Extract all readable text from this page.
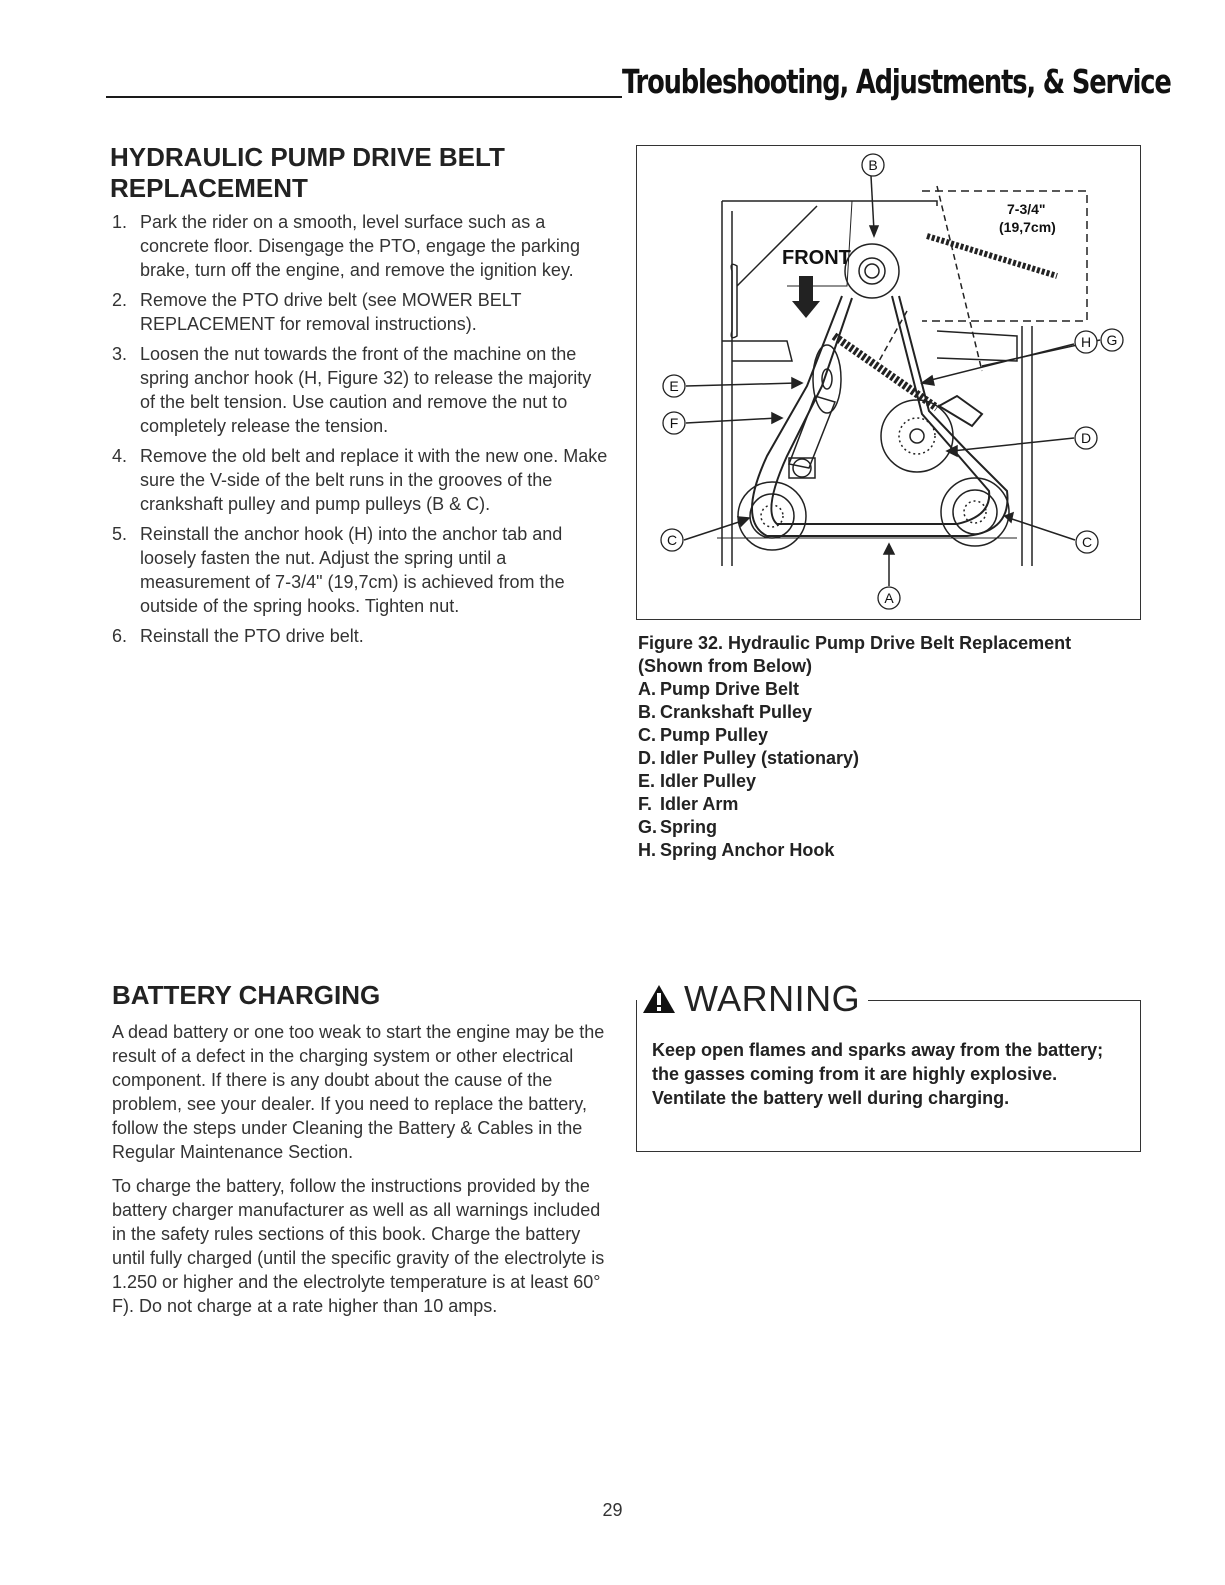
Troubleshooting, Adjustments, & Service
HYDRAULIC PUMP DRIVE BELT REPLACEMENT
1. Park the rider on a smooth, level surface such as a concrete floor. Disengage the PTO, engage the parking brake, turn off the engine, and remove the ignition key.
2. Remove the PTO drive belt (see MOWER BELT REPLACEMENT for removal instructions).
3. Loosen the nut towards the front of the machine on the spring anchor hook (H, Figure 32) to release the majority of the belt tension. Use caution and remove the nut to completely release the tension.
4. Remove the old belt and replace it with the new one. Make sure the V-side of the belt runs in the grooves of the crankshaft pulley and pump pulleys (B & C).
5. Reinstall the anchor hook (H) into the anchor tab and loosely fasten the nut. Adjust the spring until a measurement of 7-3/4" (19,7cm) is achieved from the outside of the spring hooks. Tighten nut.
6. Reinstall the PTO drive belt.
FRONT
7-3/4"
(19,7cm)
B
E
F
C	C
D
H G
A
Figure 32. Hydraulic Pump Drive Belt Replacement (Shown from Below)
A. Pump Drive Belt
B. Crankshaft Pulley
C. Pump Pulley
D. Idler Pulley (stationary)
E. Idler Pulley
F. Idler Arm
G. Spring
H. Spring Anchor Hook
BATTERY CHARGING

A dead battery or one too weak to start the engine may be the result of a defect in the charging system or other electrical component. If there is any doubt about the cause of the problem, see your dealer. If you need to replace the battery, follow the steps under Cleaning the Battery & Cables in the Regular Maintenance Section.

To charge the battery, follow the instructions provided by the battery charger manufacturer as well as all warnings included in the safety rules sections of this book. Charge the battery until fully charged (until the specific gravity of the electrolyte is 1.250 or higher and the electrolyte temperature is at least 60° F). Do not charge at a rate higher than 10 amps.

WARNING

Keep open flames and sparks away from the battery; the gasses coming from it are highly explosive. Ventilate the battery well during charging.

29
